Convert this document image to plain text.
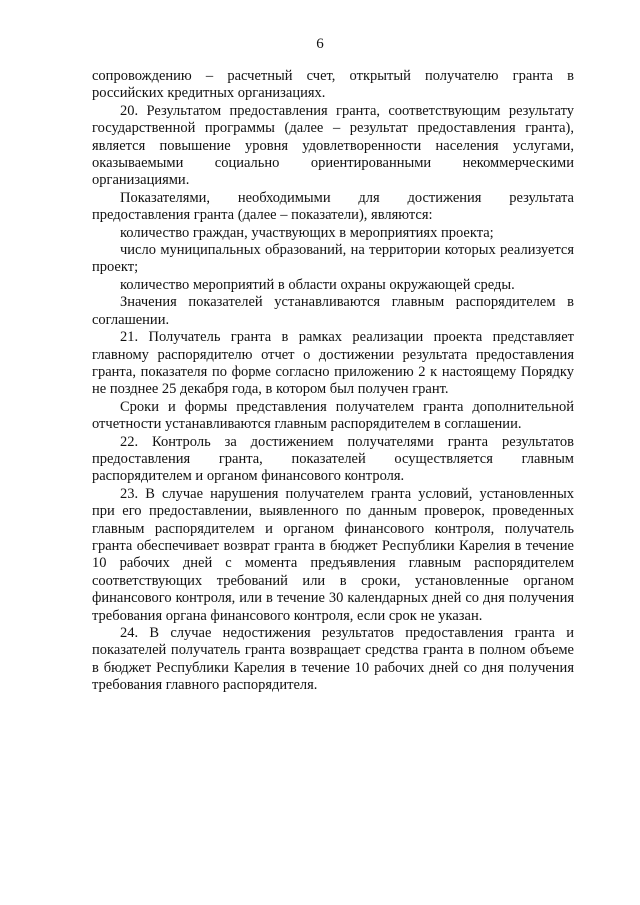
6

сопровождению – расчетный счет, открытый получателю гранта в российских кредитных организациях.

20. Результатом предоставления гранта, соответствующим результату государственной программы (далее – результат предоставления гранта), является повышение уровня удовлетворенности населения услугами, оказываемыми социально ориентированными некоммерческими организациями.

Показателями, необходимыми для достижения результата предоставления гранта (далее – показатели), являются:

количество граждан, участвующих в мероприятиях проекта;

число муниципальных образований, на территории которых реализуется проект;

количество мероприятий в области охраны окружающей среды.

Значения показателей устанавливаются главным распорядителем в соглашении.

21. Получатель гранта в рамках реализации проекта представляет главному распорядителю отчет о достижении результата предоставления гранта, показателя по форме согласно приложению 2 к настоящему Порядку не позднее 25 декабря года, в котором был получен грант.

Сроки и формы представления получателем гранта дополнительной отчетности устанавливаются главным распорядителем в соглашении.

22. Контроль за достижением получателями гранта результатов предоставления гранта, показателей осуществляется главным распорядителем и органом финансового контроля.

23. В случае нарушения получателем гранта условий, установленных при его предоставлении, выявленного по данным проверок, проведенных главным распорядителем и органом финансового контроля, получатель гранта обеспечивает возврат гранта в бюджет Республики Карелия в течение 10 рабочих дней с момента предъявления главным распорядителем соответствующих требований или в сроки, установленные органом финансового контроля, или в течение 30 календарных дней со дня получения требования органа финансового контроля, если срок не указан.

24. В случае недостижения результатов предоставления гранта и показателей получатель гранта возвращает средства гранта в полном объеме в бюджет Республики Карелия в течение 10 рабочих дней со дня получения требования главного распорядителя.
